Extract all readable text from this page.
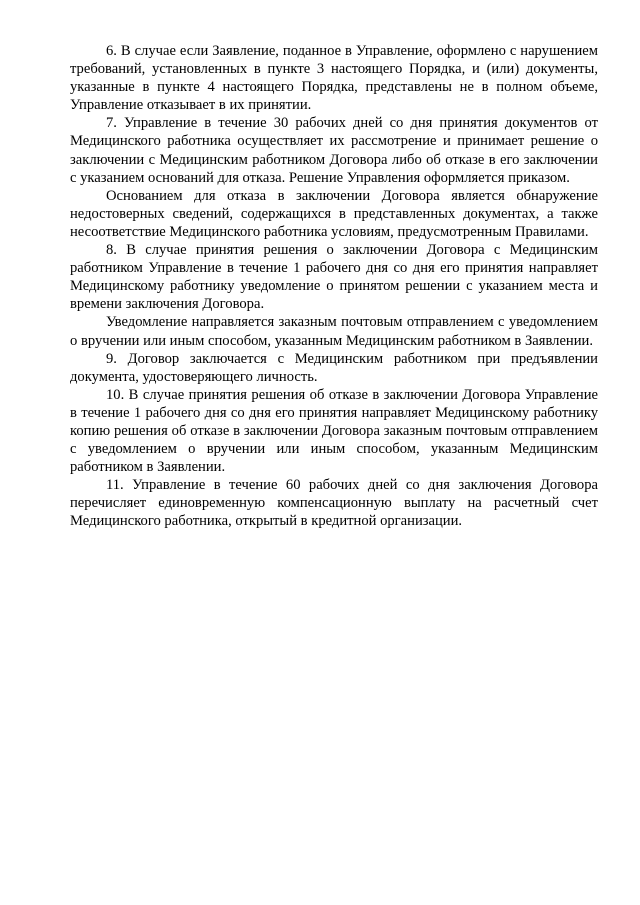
6. В случае если Заявление, поданное в Управление, оформлено с нарушением требований, установленных в пункте 3 настоящего Порядка, и (или) документы, указанные в пункте 4 настоящего Порядка, представлены не в полном объеме, Управление отказывает в их принятии.

7. Управление в течение 30 рабочих дней со дня принятия документов от Медицинского работника осуществляет их рассмотрение и принимает решение о заключении с Медицинским работником Договора либо об отказе в его заключении с указанием оснований для отказа. Решение Управления оформляется приказом.

Основанием для отказа в заключении Договора является обнаружение недостоверных сведений, содержащихся в представленных документах, а также несоответствие Медицинского работника условиям, предусмотренным Правилами.

8. В случае принятия решения о заключении Договора с Медицинским работником Управление в течение 1 рабочего дня со дня его принятия направляет Медицинскому работнику уведомление о принятом решении с указанием места и времени заключения Договора.

Уведомление направляется заказным почтовым отправлением с уведомлением о вручении или иным способом, указанным Медицинским работником в Заявлении.

9. Договор заключается с Медицинским работником при предъявлении документа, удостоверяющего личность.

10. В случае принятия решения об отказе в заключении Договора Управление в течение 1 рабочего дня со дня его принятия направляет Медицинскому работнику копию решения об отказе в заключении Договора заказным почтовым отправлением с уведомлением о вручении или иным способом, указанным Медицинским работником в Заявлении.

11. Управление в течение 60 рабочих дней со дня заключения Договора перечисляет единовременную компенсационную выплату на расчетный счет Медицинского работника, открытый в кредитной организации.
